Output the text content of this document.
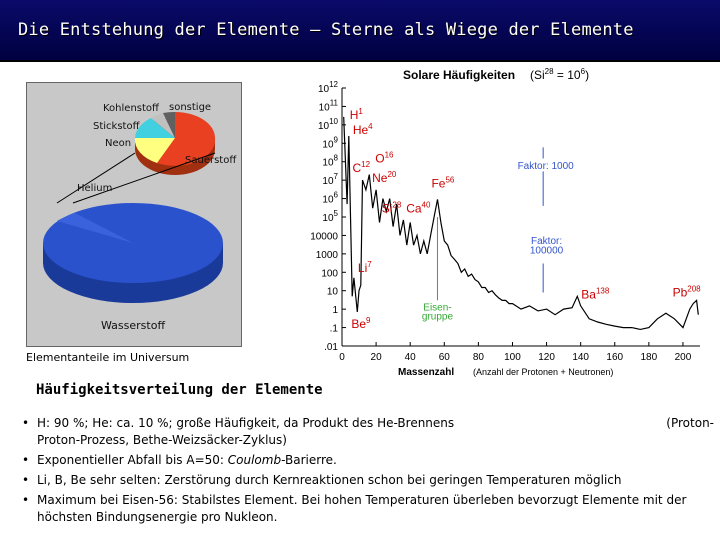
Die Entstehung der Elemente – Sterne als Wiege der Elemente
Kohlenstoff sonstige
Stickstoff
Neon
Sauerstoff
Helium
Wasserstoff
Elementanteile im Universum
Solare Häufigkeiten $(Si^{28} = 10^6)$
$10^{12}$
$10^{11}$
$10^{10}$
$10^9$
$10^8$
$10^7$
$10^6$
$10^5$
10000
1000
100
10
1
.1
.01
0	20 40 60 80 100 120 140 160 180 200
$H^1$
He$^4$
$C^{12}$ $O^{16}$
Ne$^{20}$
Si$^{28}$
Fe$^{56}$
Ca$^{40}$
Li$^7$
Be$^9$
Ba$^{138}$	Pb$^{208}$
Faktor: 1000
Faktor:
100000
Eisen-
gruppe
Massenzahl (Anzahl der Protonen + Neutronen)
Häufigkeitsverteilung der Elemente
• H: 90 %; He: ca. 10 %; große Häufigkeit, da Produkt des He-Brennens	(Proton-

Proton-Prozess, Bethe-Weizsäcker-Zyklus)
• Exponentieller Abfall bis A=50: Coulomb-Barierre.
• Li, B, Be sehr selten: Zerstörung durch Kernreaktionen schon bei geringen Temperaturen möglich
• Maximum bei Eisen-56: Stabilstes Element. Bei hohen Temperaturen überleben bevorzugt Elemente mit der höchsten Bindungsenergie pro Nukleon.
